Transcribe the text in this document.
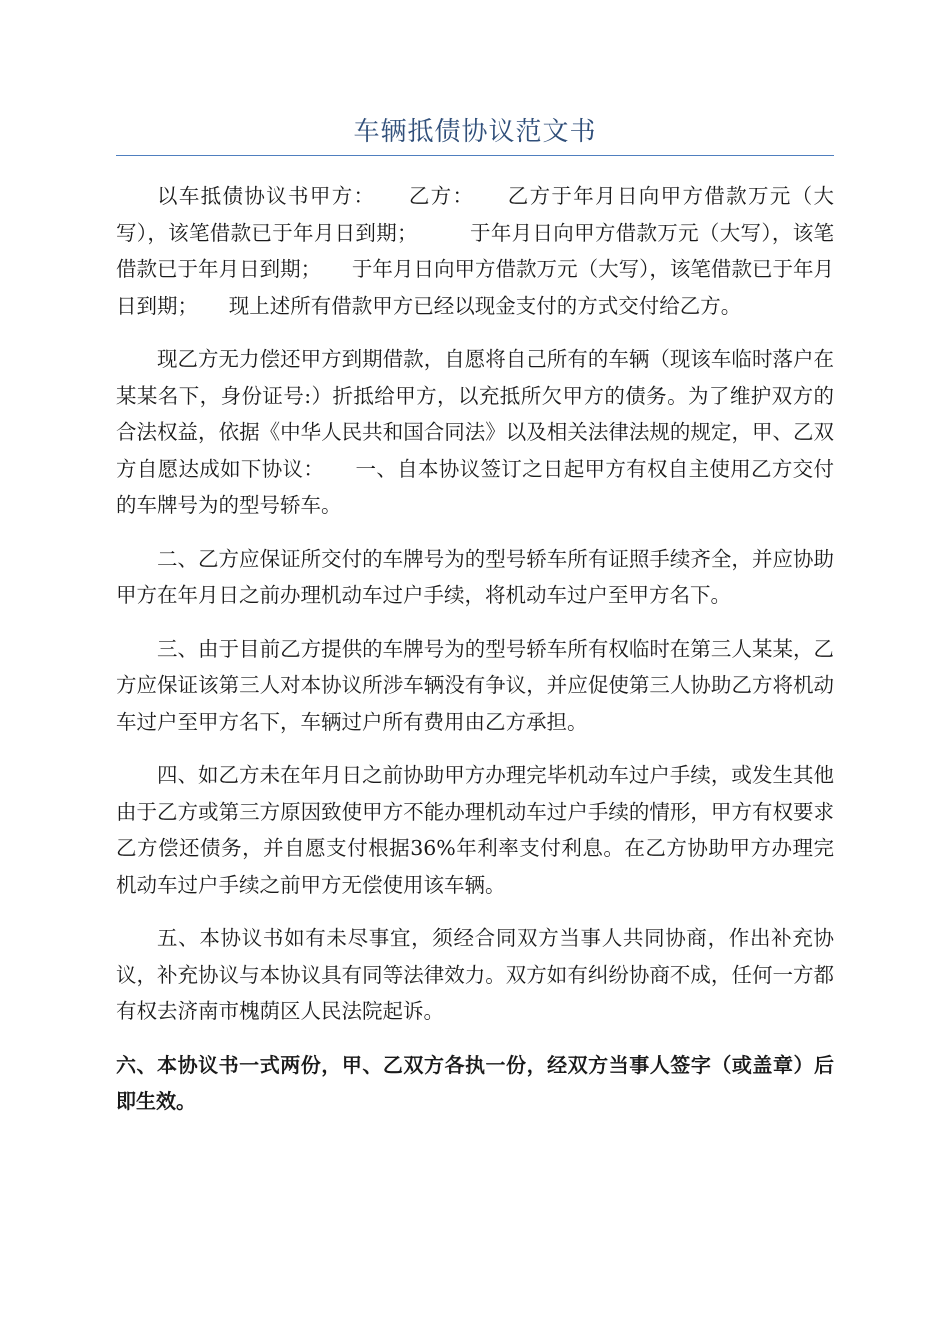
车辆抵债协议范文书

以车抵债协议书甲方：　　乙方：　　乙方于年月日向甲方借款万元（大写），该笔借款已于年月日到期；　　　于年月日向甲方借款万元（大写），该笔借款已于年月日到期；　　于年月日向甲方借款万元（大写），该笔借款已于年月日到期；　　现上述所有借款甲方已经以现金支付的方式交付给乙方。

现乙方无力偿还甲方到期借款，自愿将自己所有的车辆（现该车临时落户在某某名下，身份证号:）折抵给甲方，以充抵所欠甲方的债务。为了维护双方的合法权益，依据《中华人民共和国合同法》以及相关法律法规的规定，甲、乙双方自愿达成如下协议：　　一、自本协议签订之日起甲方有权自主使用乙方交付的车牌号为的型号轿车。

二、乙方应保证所交付的车牌号为的型号轿车所有证照手续齐全，并应协助甲方在年月日之前办理机动车过户手续，将机动车过户至甲方名下。

三、由于目前乙方提供的车牌号为的型号轿车所有权临时在第三人某某，乙方应保证该第三人对本协议所涉车辆没有争议，并应促使第三人协助乙方将机动车过户至甲方名下，车辆过户所有费用由乙方承担。

四、如乙方未在年月日之前协助甲方办理完毕机动车过户手续，或发生其他由于乙方或第三方原因致使甲方不能办理机动车过户手续的情形，甲方有权要求乙方偿还债务，并自愿支付根据36%年利率支付利息。在乙方协助甲方办理完机动车过户手续之前甲方无偿使用该车辆。

五、本协议书如有未尽事宜，须经合同双方当事人共同协商，作出补充协议，补充协议与本协议具有同等法律效力。双方如有纠纷协商不成，任何一方都有权去济南市槐荫区人民法院起诉。

六、本协议书一式两份，甲、乙双方各执一份，经双方当事人签字（或盖章）后即生效。
